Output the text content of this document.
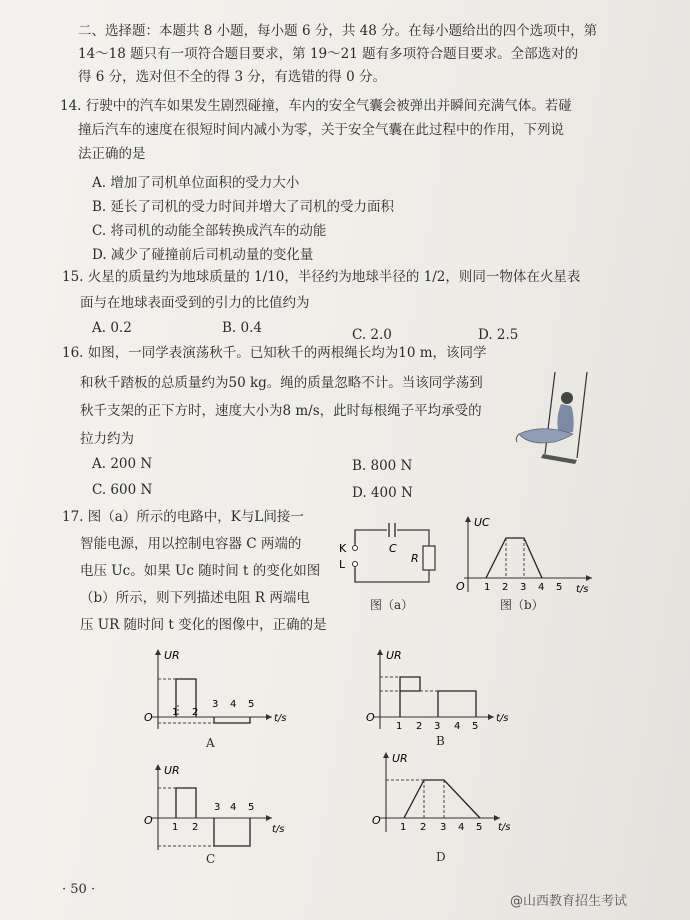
二、选择题：本题共 8 小题，每小题 6 分，共 48 分。在每小题给出的四个选项中，第
14～18 题只有一项符合题目要求，第 19～21 题有多项符合题目要求。全部选对的
得 6 分，选对但不全的得 3 分，有选错的得 0 分。
14. 行驶中的汽车如果发生剧烈碰撞，车内的安全气囊会被弹出并瞬间充满气体。若碰
撞后汽车的速度在很短时间内减小为零，关于安全气囊在此过程中的作用，下列说
法正确的是
A. 增加了司机单位面积的受力大小
B. 延长了司机的受力时间并增大了司机的受力面积
C. 将司机的动能全部转换成汽车的动能
D. 减少了碰撞前后司机动量的变化量
15. 火星的质量约为地球质量的 1/10，半径约为地球半径的 1/2，则同一物体在火星表
面与在地球表面受到的引力的比值约为
A. 0.2	B. 0.4	C. 2.0	D. 2.5
16. 如图，一同学表演荡秋千。已知秋千的两根绳长均为10 m，该同学
和秋千踏板的总质量约为50 kg。绳的质量忽略不计。当该同学荡到
秋千支架的正下方时，速度大小为8 m/s，此时每根绳子平均承受的
拉力约为
A. 200 N	B. 800 N
C. 600 N	D. 400 N
17. 图（a）所示的电路中，K与L间接一
智能电源，用以控制电容器 C 两端的
电压 Uc。如果 Uc 随时间 t 的变化如图
（b）所示，则下列描述电阻 R 两端电
压 UR 随时间 t 变化的图像中，正确的是
K
L
C
R
图（a）
UC
O	t/s
1 2 3 4 5
图（b）
UR
O	t/s
1 2
3 4 5
A
UR
O	t/s
1 2 3 4 5
B
UR
O
t/s
1 2
3 4 5
C
UR
O
t/s
1 2 3 4 5
D
· 50 ·
@山西教育招生考试
